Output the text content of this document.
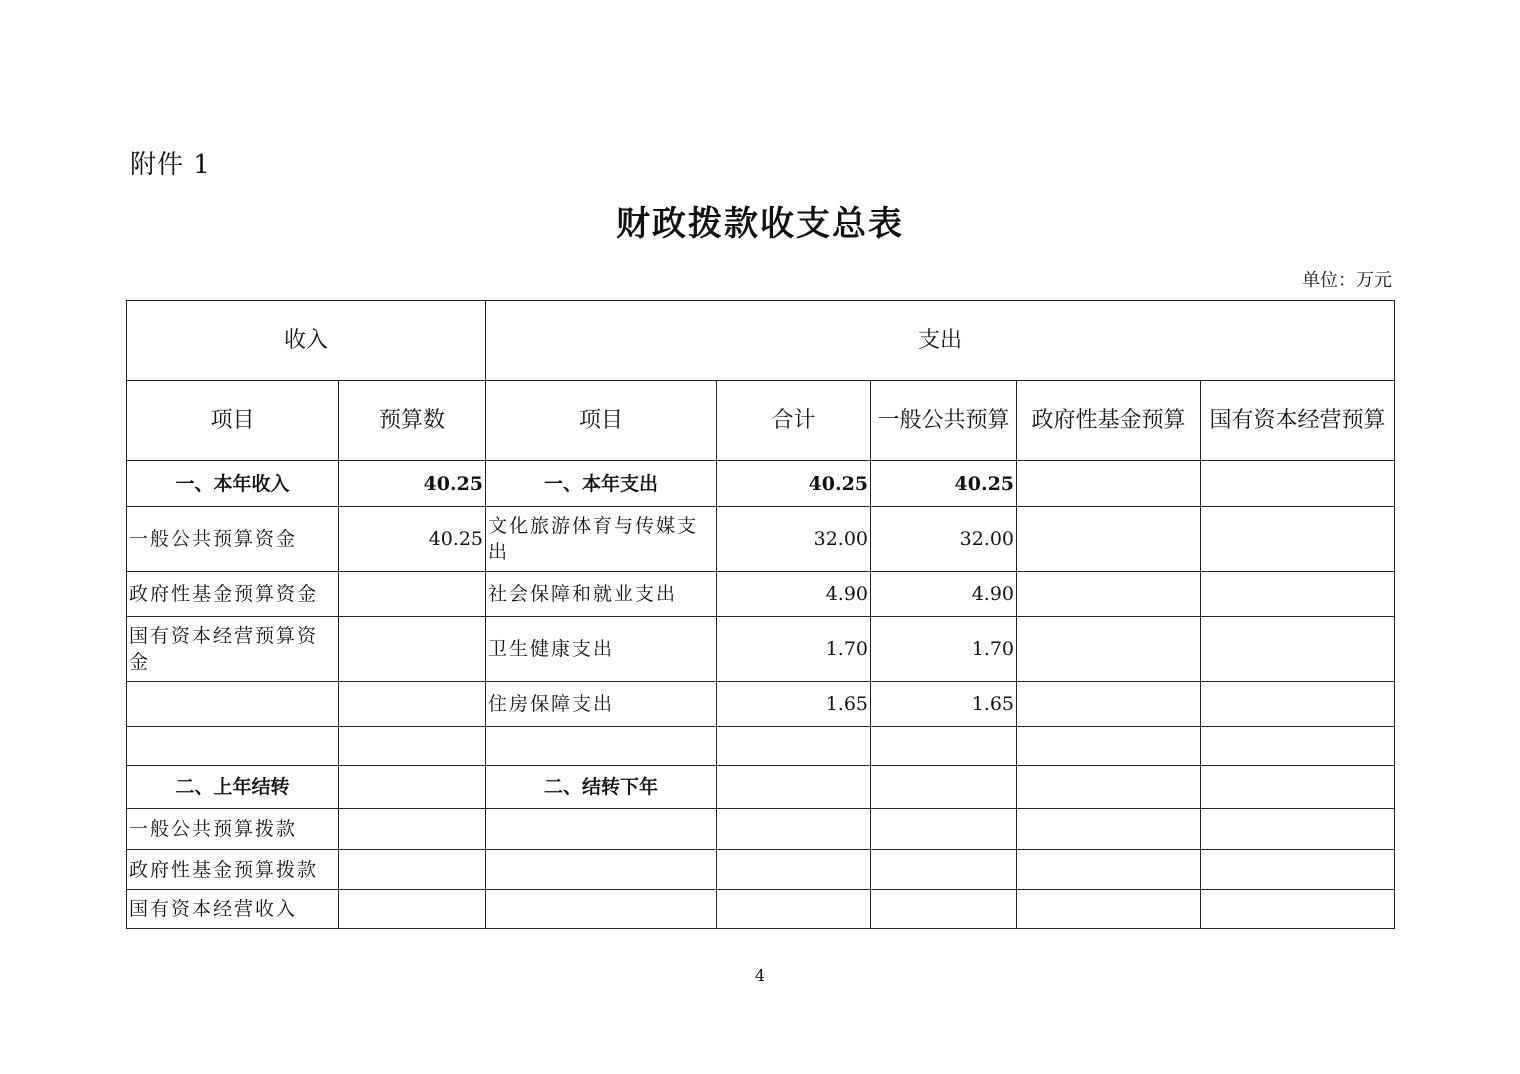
附件 1
财政拨款收支总表
单位：万元
收入		支出				
项目	预算数	项目	合计	一般公共预算	政府性基金预算	国有资本经营预算
一、本年收入	40.25	一、本年支出	40.25	40.25		
一般公共预算资金	40.25	文化旅游体育与传媒支出	32.00	32.00		
政府性基金预算资金		社会保障和就业支出	4.90	4.90		
国有资本经营预算资金		卫生健康支出	1.70	1.70		
		住房保障支出	1.65	1.65		

二、上年结转		二、结转下年				
一般公共预算拨款						
政府性基金预算拨款						
国有资本经营收入						
4
